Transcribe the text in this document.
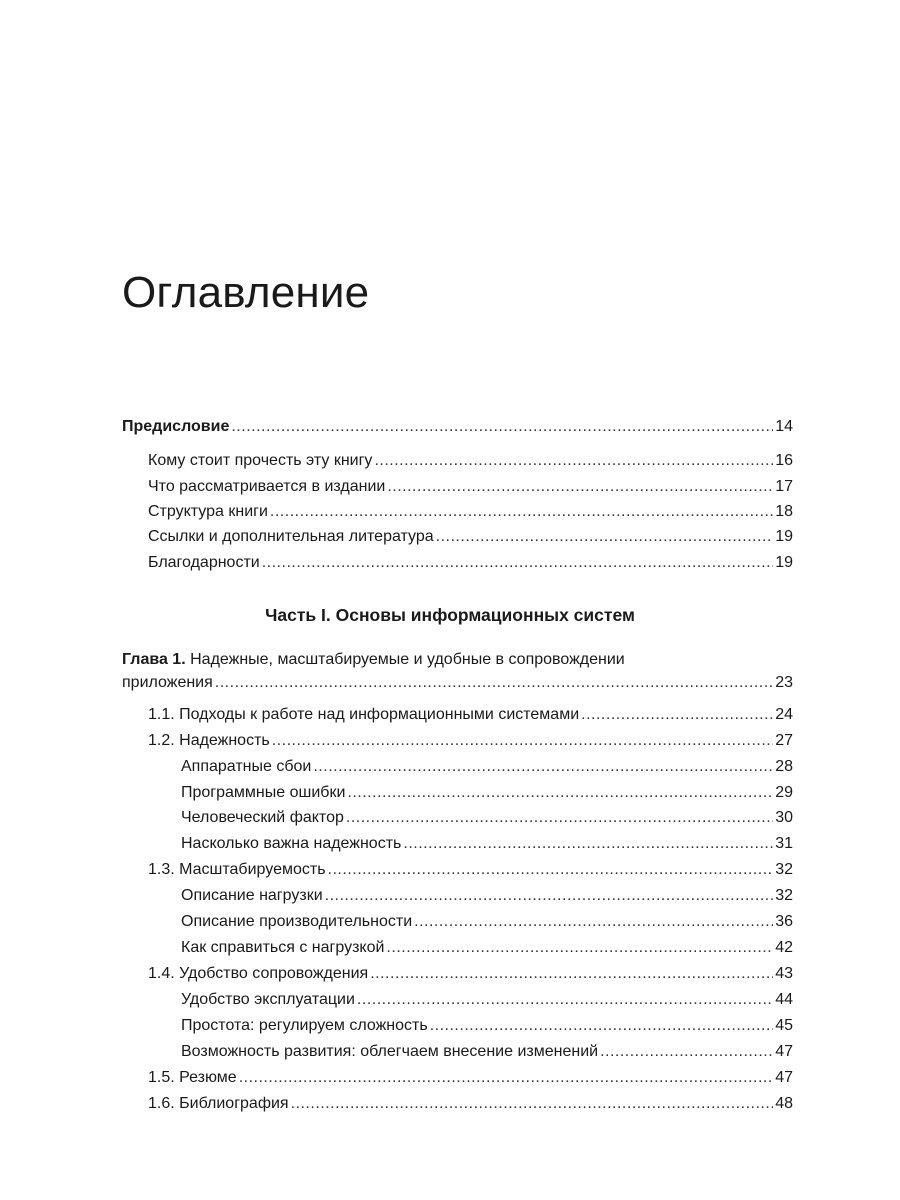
Оглавление
Предисловие .....	14
Кому стоит прочесть эту книгу .....	16
Что рассматривается в издании .....	17
Структура книги .....	18
Ссылки и дополнительная литература .....	19
Благодарности .....	19
Часть I. Основы информационных систем
Глава 1. Надежные, масштабируемые и удобные в сопровождении
приложения .....	23
1.1. Подходы к работе над информационными системами .....	24
1.2. Надежность .....	27
Аппаратные сбои .....	28
Программные ошибки .....	29
Человеческий фактор .....	30
Насколько важна надежность .....	31
1.3. Масштабируемость .....	32
Описание нагрузки .....	32
Описание производительности .....	36
Как справиться с нагрузкой .....	42
1.4. Удобство сопровождения .....	43
Удобство эксплуатации .....	44
Простота: регулируем сложность .....	45
Возможность развития: облегчаем внесение изменений .....	47
1.5. Резюме .....	47
1.6. Библиография .....	48
